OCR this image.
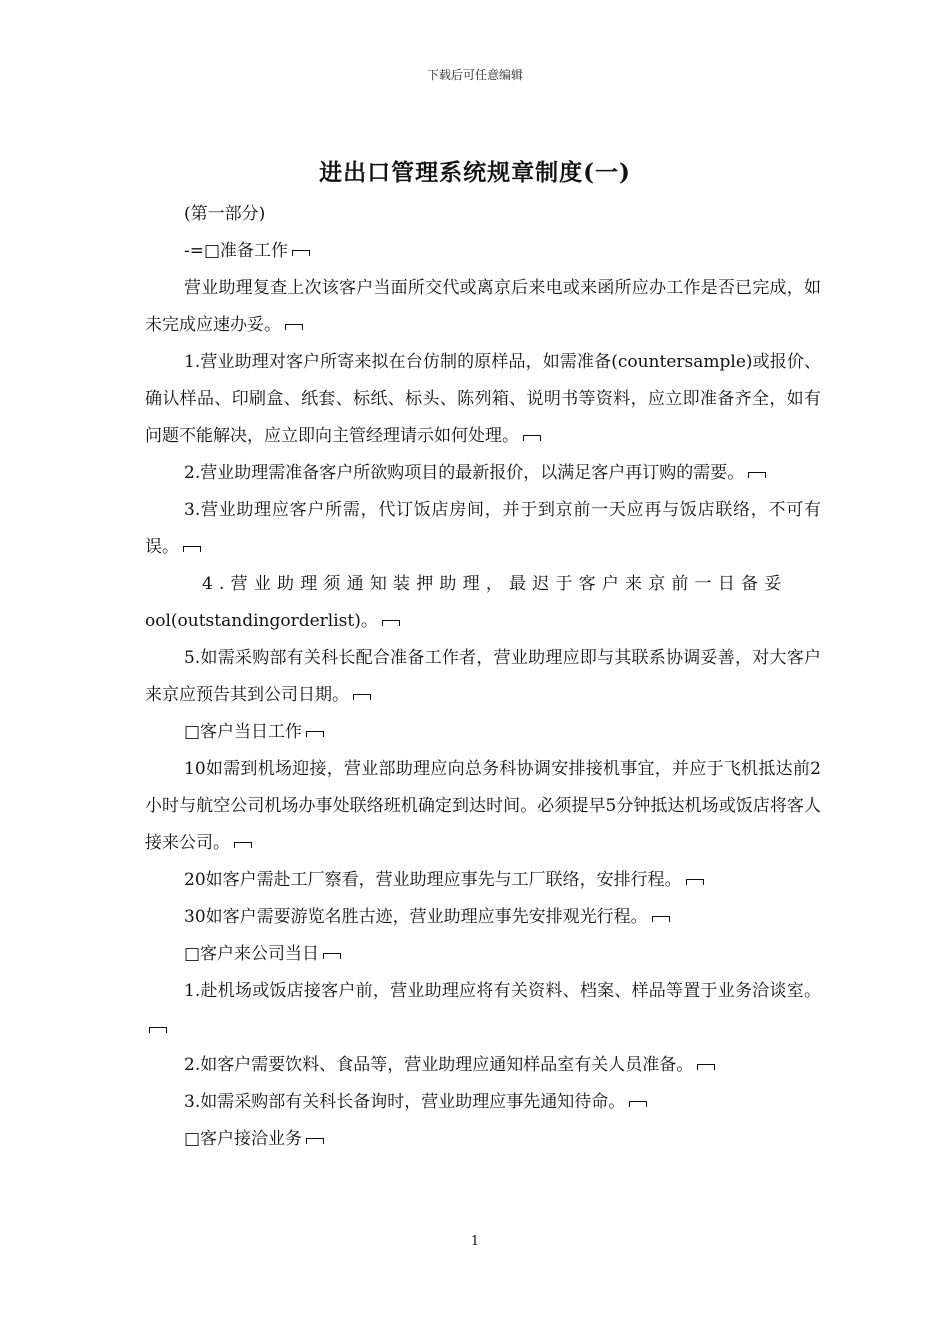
下载后可任意编辑
进出口管理系统规章制度(一)

(第一部分)

-=□准备工作

营业助理复查上次该客户当面所交代或离京后来电或来函所应办工作是否已完成，如未完成应速办妥。

1.营业助理对客户所寄来拟在台仿制的原样品，如需准备(countersample)或报价、确认样品、印刷盒、纸套、标纸、标头、陈列箱、说明书等资料，应立即准备齐全，如有问题不能解决，应立即向主管经理请示如何处理。

2.营业助理需准备客户所欲购项目的最新报价，以满足客户再订购的需要。

3.营业助理应客户所需，代订饭店房间，并于到京前一天应再与饭店联络，不可有误。

4.营业助理须通知装押助理，最迟于客户来京前一日备妥

ool(outstandingorderlist)。

5.如需采购部有关科长配合准备工作者，营业助理应即与其联系协调妥善，对大客户来京应预告其到公司日期。

□客户当日工作

10如需到机场迎接，营业部助理应向总务科协调安排接机事宜，并应于飞机抵达前2小时与航空公司机场办事处联络班机确定到达时间。必须提早5分钟抵达机场或饭店将客人接来公司。

20如客户需赴工厂察看，营业助理应事先与工厂联络，安排行程。

30如客户需要游览名胜古迹，营业助理应事先安排观光行程。

□客户来公司当日

1.赴机场或饭店接客户前，营业助理应将有关资料、档案、样品等置于业务洽谈室。

2.如客户需要饮料、食品等，营业助理应通知样品室有关人员准备。

3.如需采购部有关科长备询时，营业助理应事先通知待命。

□客户接洽业务

1
